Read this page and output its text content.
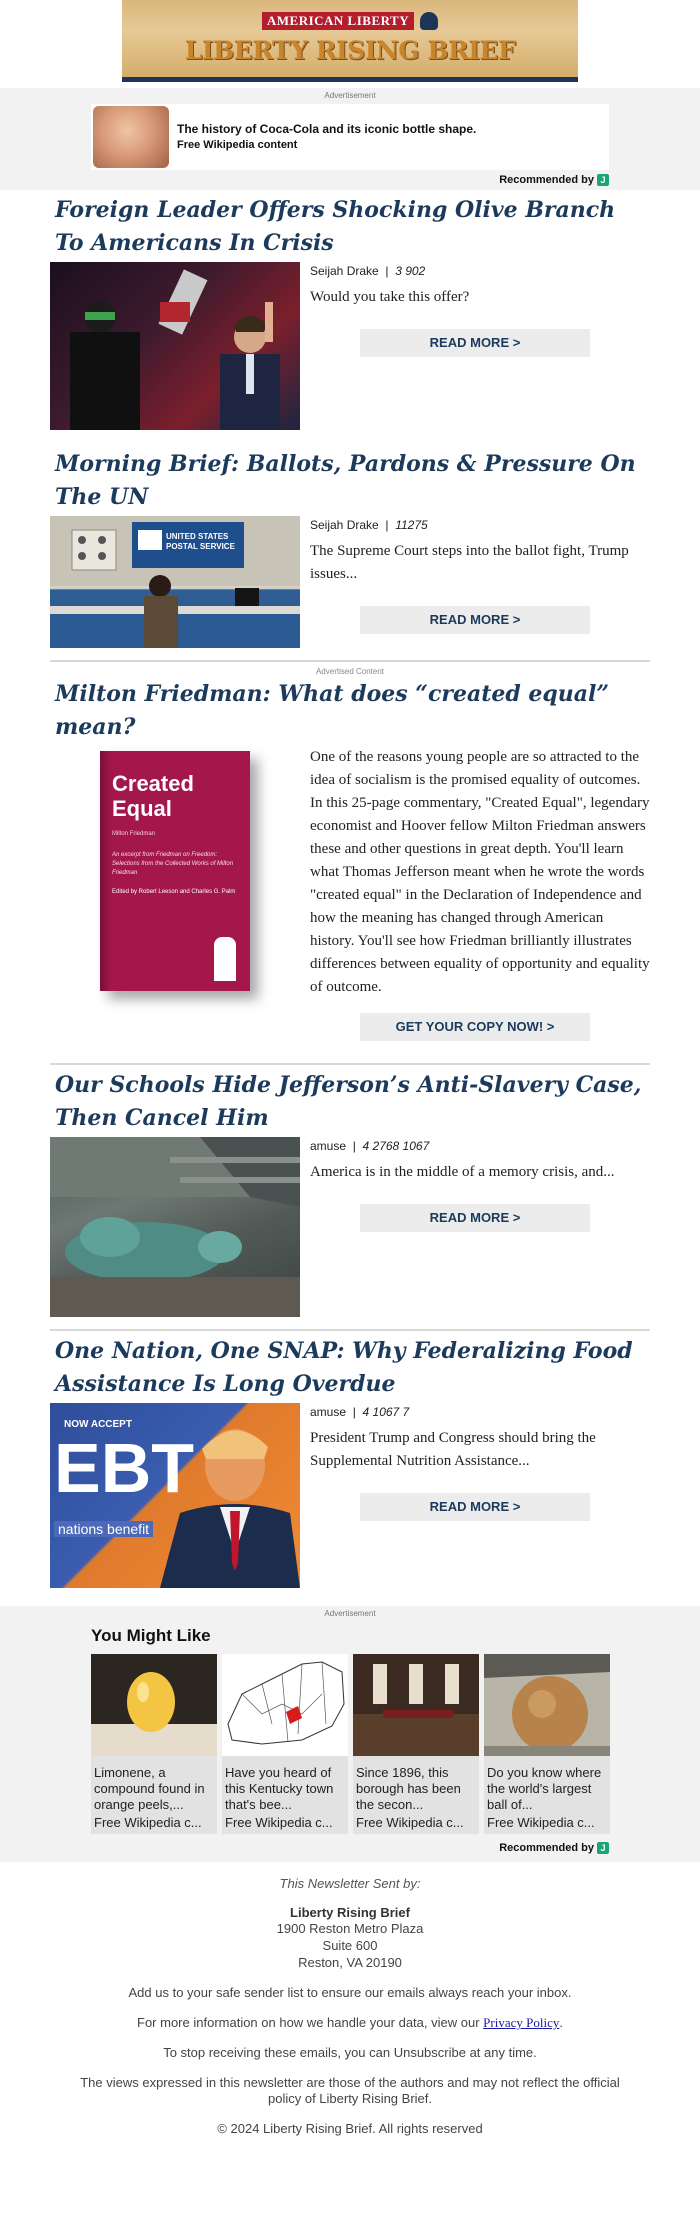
AMERICAN LIBERTY
LIBERTY RISING BRIEF
Advertisement
The history of Coca-Cola and its iconic bottle shape.
Free Wikipedia content
Recommended by J
Foreign Leader Offers Shocking Olive Branch To Americans In Crisis
Seijah Drake  |  3 902
Would you take this offer?
READ MORE >
Morning Brief: Ballots, Pardons & Pressure On The UN
UNITED STATES POSTAL SERVICE
Seijah Drake  |  11275
The Supreme Court steps into the ballot fight, Trump issues...
READ MORE >
Advertised Content
Milton Friedman: What does “created equal” mean?
Created Equal
Milton Friedman
An excerpt from Friedman on Freedom: Selections from the Collected Works of Milton Friedman
Edited by Robert Leeson and Charles G. Palm
One of the reasons young people are so attracted to the idea of socialism is the promised equality of outcomes. In this 25-page commentary, "Created Equal", legendary economist and Hoover fellow Milton Friedman answers these and other questions in great depth. You'll learn what Thomas Jefferson meant when he wrote the words "created equal" in the Declaration of Independence and how the meaning has changed through American history. You'll see how Friedman brilliantly illustrates differences between equality of opportunity and equality of outcome.
GET YOUR COPY NOW! >
Our Schools Hide Jefferson’s Anti-Slavery Case, Then Cancel Him
amuse  |  4 2768 1067
America is in the middle of a memory crisis, and...
READ MORE >
One Nation, One SNAP: Why Federalizing Food Assistance Is Long Overdue
NOW ACCEPT
EBT
nations benefit
amuse  |  4 1067 7
President Trump and Congress should bring the Supplemental Nutrition Assistance...
READ MORE >
Advertisement
You Might Like
Limonene, a compound found in orange peels,...
Free Wikipedia c...
Have you heard of this Kentucky town that's bee...
Free Wikipedia c...
Since 1896, this borough has been the secon...
Free Wikipedia c...
Do you know where the world's largest ball of...
Free Wikipedia c...
Recommended by J
This Newsletter Sent by:
Liberty Rising Brief
1900 Reston Metro Plaza
Suite 600
Reston, VA 20190

Add us to your safe sender list to ensure our emails always reach your inbox.

For more information on how we handle your data, view our Privacy Policy.

To stop receiving these emails, you can Unsubscribe at any time.

The views expressed in this newsletter are those of the authors and may not reflect the official policy of Liberty Rising Brief.

© 2024 Liberty Rising Brief. All rights reserved
